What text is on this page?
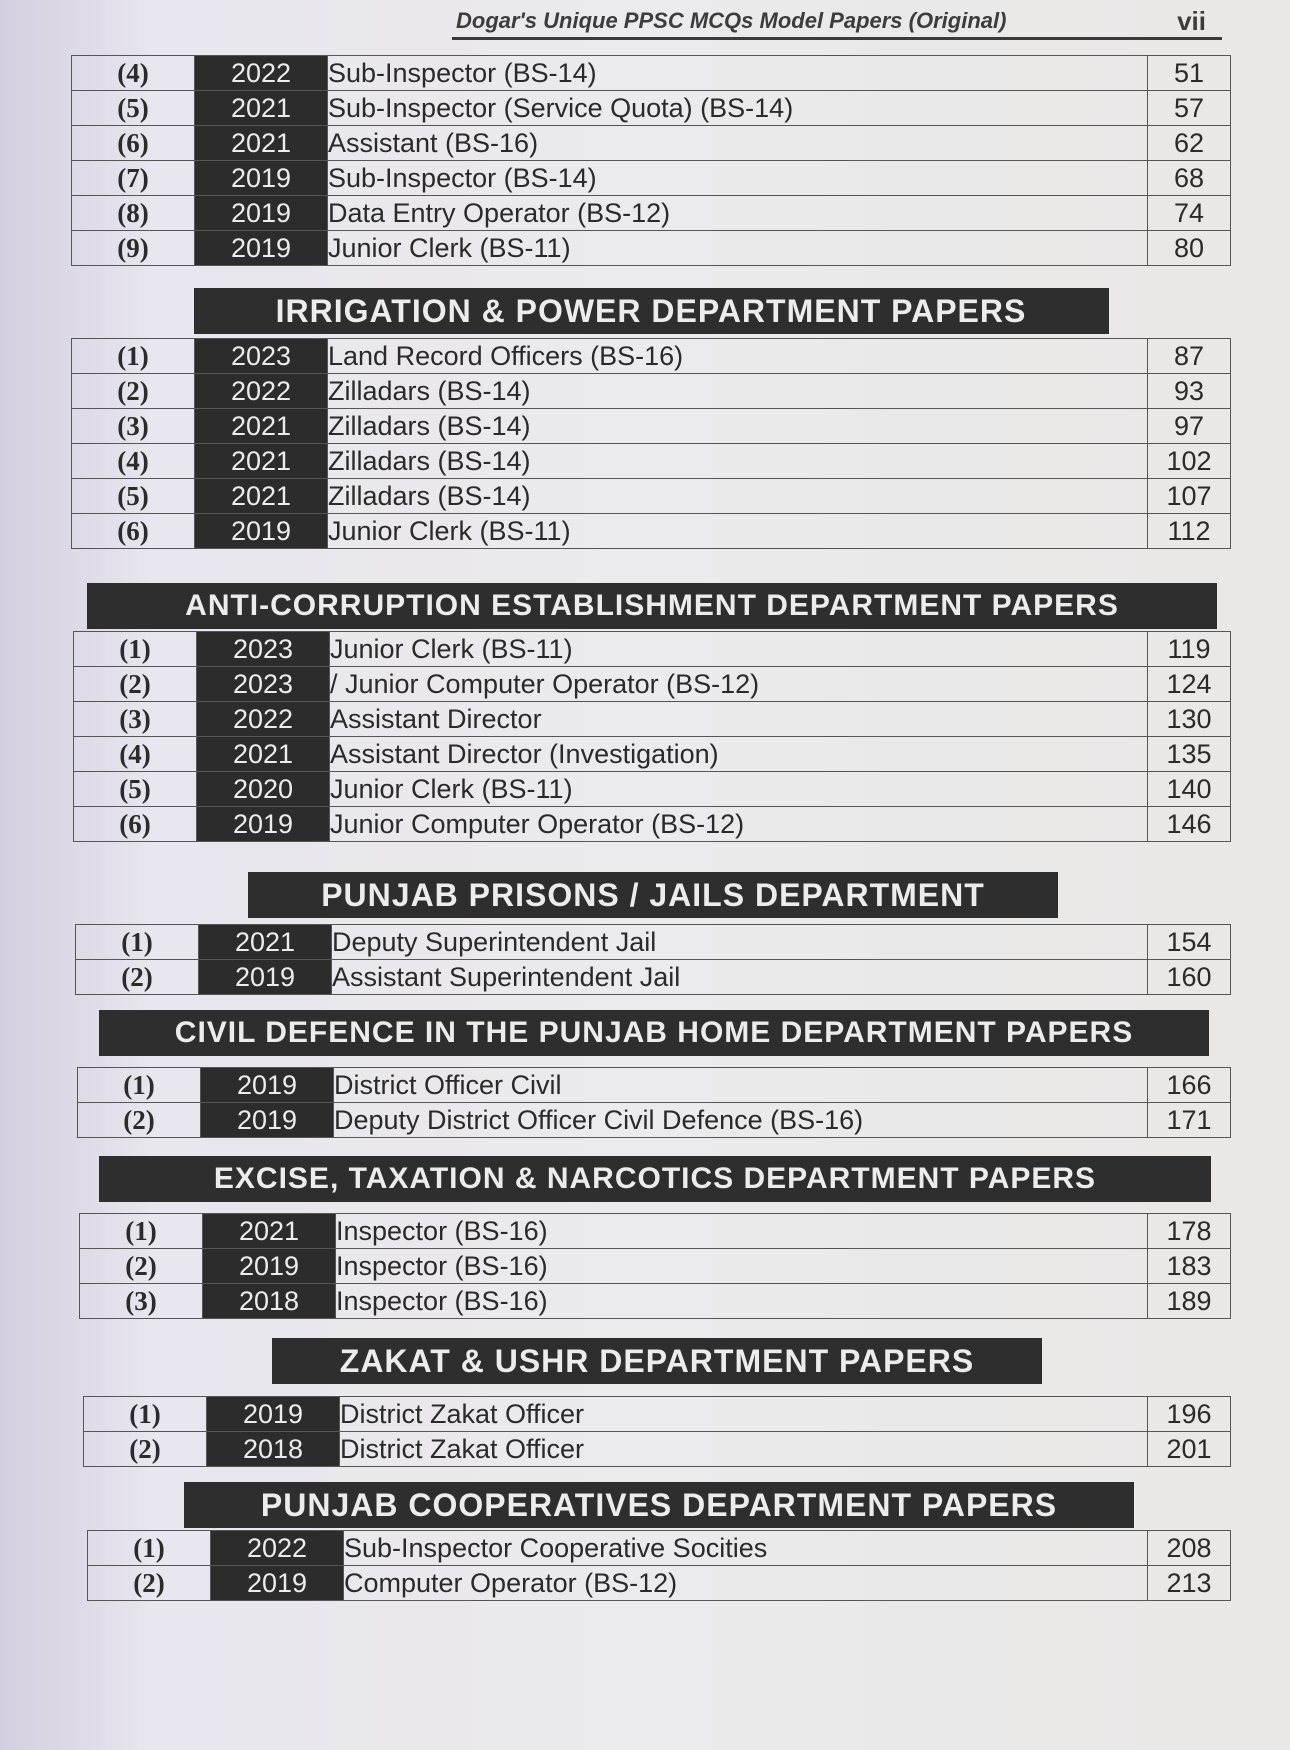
Dogar's Unique PPSC MCQs Model Papers (Original)	vii
(4)	2022	Sub-Inspector (BS-14)	51
(5)	2021	Sub-Inspector (Service Quota) (BS-14)	57
(6)	2021	Assistant (BS-16)	62
(7)	2019	Sub-Inspector (BS-14)	68
(8)	2019	Data Entry Operator (BS-12)	74
(9)	2019	Junior Clerk (BS-11)	80
IRRIGATION & POWER DEPARTMENT PAPERS
(1)	2023	Land Record Officers (BS-16)	87
(2)	2022	Zilladars (BS-14)	93
(3)	2021	Zilladars (BS-14)	97
(4)	2021	Zilladars (BS-14)	102
(5)	2021	Zilladars (BS-14)	107
(6)	2019	Junior Clerk (BS-11)	112
ANTI-CORRUPTION ESTABLISHMENT DEPARTMENT PAPERS
(1)	2023	Junior Clerk (BS-11)	119
(2)	2023	/ Junior Computer Operator (BS-12)	124
(3)	2022	Assistant Director	130
(4)	2021	Assistant Director (Investigation)	135
(5)	2020	Junior Clerk (BS-11)	140
(6)	2019	Junior Computer Operator (BS-12)	146
PUNJAB PRISONS / JAILS DEPARTMENT
(1)	2021	Deputy Superintendent Jail	154
(2)	2019	Assistant Superintendent Jail	160
CIVIL DEFENCE IN THE PUNJAB HOME DEPARTMENT PAPERS
(1)	2019	District Officer Civil	166
(2)	2019	Deputy District Officer Civil Defence (BS-16)	171
EXCISE, TAXATION & NARCOTICS DEPARTMENT PAPERS
(1)	2021	Inspector (BS-16)	178
(2)	2019	Inspector (BS-16)	183
(3)	2018	Inspector (BS-16)	189
ZAKAT & USHR DEPARTMENT PAPERS
(1)	2019	District Zakat Officer	196
(2)	2018	District Zakat Officer	201
PUNJAB COOPERATIVES DEPARTMENT PAPERS
(1)	2022	Sub-Inspector Cooperative Socities	208
(2)	2019	Computer Operator (BS-12)	213
